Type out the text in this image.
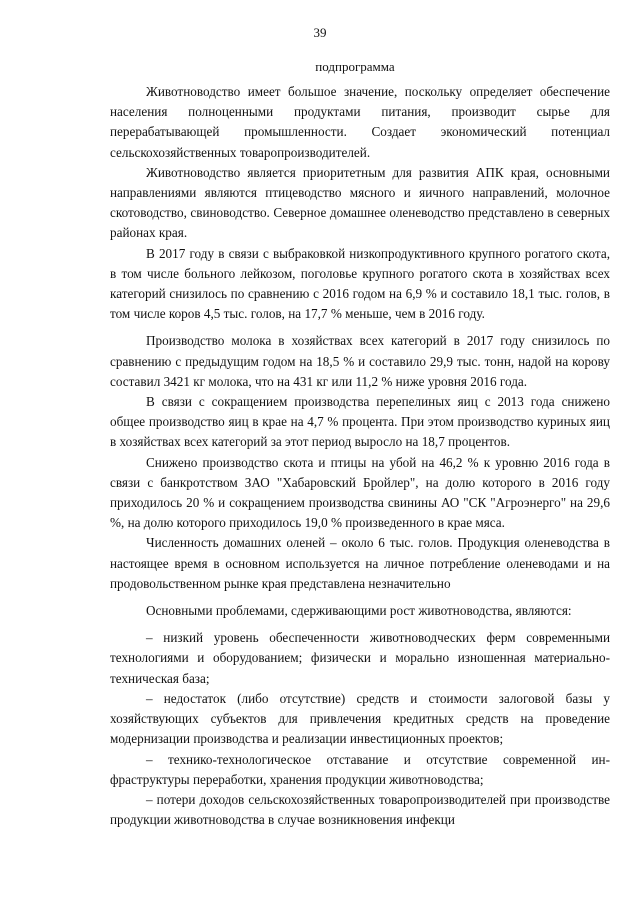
39
подпрограмма

Животноводство имеет большое значение, поскольку определяет обеспечение населения полноценными продуктами питания, производит сырье для перерабатывающей промышленности. Создает экономический потенциал сельскохозяйственных товаропроизводителей.

Животноводство является приоритетным для развития АПК края, основными направлениями являются птицеводство мясного и яичного направлений, молочное скотоводство, свиноводство. Северное домашнее оленеводство представлено в северных районах края.

В 2017 году в связи с выбраковкой низкопродуктивного крупного рогатого скота, в том числе больного лейкозом, поголовье крупного рогатого скота в хозяйствах всех категорий снизилось по сравнению с 2016 годом на 6,9 % и составило 18,1 тыс. голов, в том числе коров 4,5 тыс. голов, на 17,7 % меньше, чем в 2016 году.

Производство молока в хозяйствах всех категорий в 2017 году снизилось по сравнению с предыдущим годом на 18,5 % и составило 29,9 тыс. тонн, надой на корову составил 3421 кг молока, что на 431 кг или 11,2 % ниже уровня 2016 года.

В связи с сокращением производства перепелиных яиц с 2013 года снижено общее производство яиц в крае на 4,7 % процента. При этом производство куриных яиц в хозяйствах всех категорий за этот период выросло на 18,7 процентов.

Снижено производство скота и птицы на убой на 46,2 % к уровню 2016 года в связи с банкротством ЗАО "Хабаровский Бройлер", на долю которого в 2016 году приходилось 20 % и сокращением производства свинины АО "СК "Агроэнерго" на 29,6 %, на долю которого приходилось 19,0 % произведенного в крае мяса.

Численность домашних оленей – около 6 тыс. голов. Продукция оленеводства в настоящее время в основном используется на личное потребление оленеводами и на продовольственном рынке края представлена незначительно

Основными проблемами, сдерживающими рост животноводства, являются:

– низкий уровень обеспеченности животноводческих ферм современными технологиями и оборудованием; физически и морально изношенная материально-техническая база;

– недостаток (либо отсутствие) средств и стоимости залоговой базы у хозяйствующих субъектов для привлечения кредитных средств на проведение модернизации производства и реализации инвестиционных проектов;

– технико-технологическое отставание и отсутствие современной инфраструктуры переработки, хранения продукции животноводства;

– потери доходов сельскохозяйственных товаропроизводителей при производстве продукции животноводства в случае возникновения инфекци
